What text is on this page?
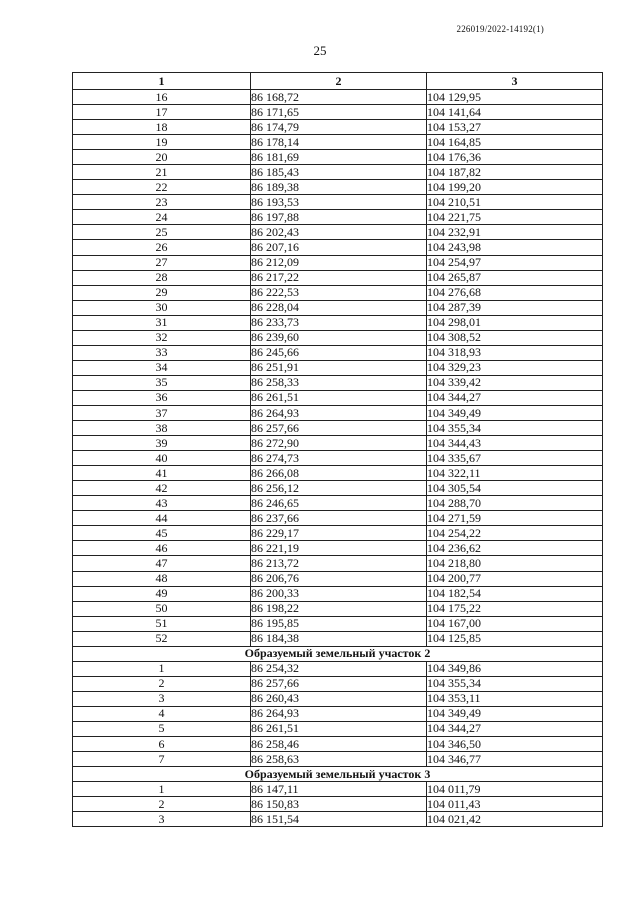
226019/2022-14192(1)
25
1	2	3
16	86 168,72	104 129,95
17	86 171,65	104 141,64
18	86 174,79	104 153,27
19	86 178,14	104 164,85
20	86 181,69	104 176,36
21	86 185,43	104 187,82
22	86 189,38	104 199,20
23	86 193,53	104 210,51
24	86 197,88	104 221,75
25	86 202,43	104 232,91
26	86 207,16	104 243,98
27	86 212,09	104 254,97
28	86 217,22	104 265,87
29	86 222,53	104 276,68
30	86 228,04	104 287,39
31	86 233,73	104 298,01
32	86 239,60	104 308,52
33	86 245,66	104 318,93
34	86 251,91	104 329,23
35	86 258,33	104 339,42
36	86 261,51	104 344,27
37	86 264,93	104 349,49
38	86 257,66	104 355,34
39	86 272,90	104 344,43
40	86 274,73	104 335,67
41	86 266,08	104 322,11
42	86 256,12	104 305,54
43	86 246,65	104 288,70
44	86 237,66	104 271,59
45	86 229,17	104 254,22
46	86 221,19	104 236,62
47	86 213,72	104 218,80
48	86 206,76	104 200,77
49	86 200,33	104 182,54
50	86 198,22	104 175,22
51	86 195,85	104 167,00
52	86 184,38	104 125,85
Образуемый земельный участок 2		
1	86 254,32	104 349,86
2	86 257,66	104 355,34
3	86 260,43	104 353,11
4	86 264,93	104 349,49
5	86 261,51	104 344,27
6	86 258,46	104 346,50
7	86 258,63	104 346,77
Образуемый земельный участок 3		
1	86 147,11	104 011,79
2	86 150,83	104 011,43
3	86 151,54	104 021,42
